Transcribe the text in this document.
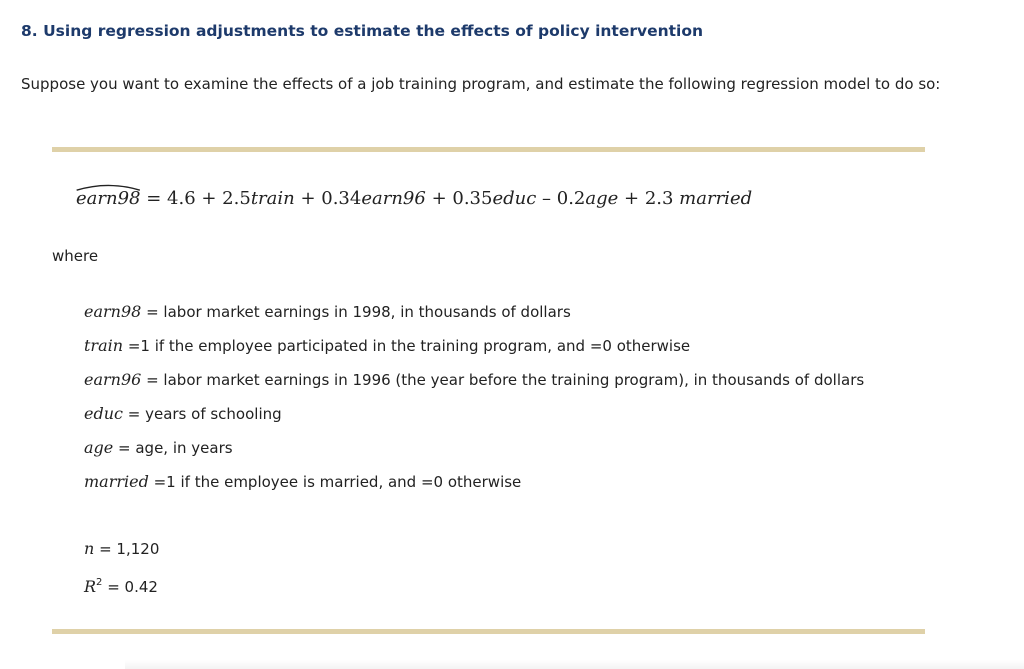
8. Using regression adjustments to estimate the effects of policy intervention

Suppose you want to examine the effects of a job training program, and estimate the following regression model to do so:

earn98 = 4.6 + 2.5train + 0.34earn96 + 0.35educ – 0.2age + 2.3 married

where

earn98 = labor market earnings in 1998, in thousands of dollars
train =1 if the employee participated in the training program, and =0 otherwise
earn96 = labor market earnings in 1996 (the year before the training program), in thousands of dollars
educ = years of schooling
age = age, in years
married =1 if the employee is married, and =0 otherwise
n = 1,120
$R^2 = 0.42$
